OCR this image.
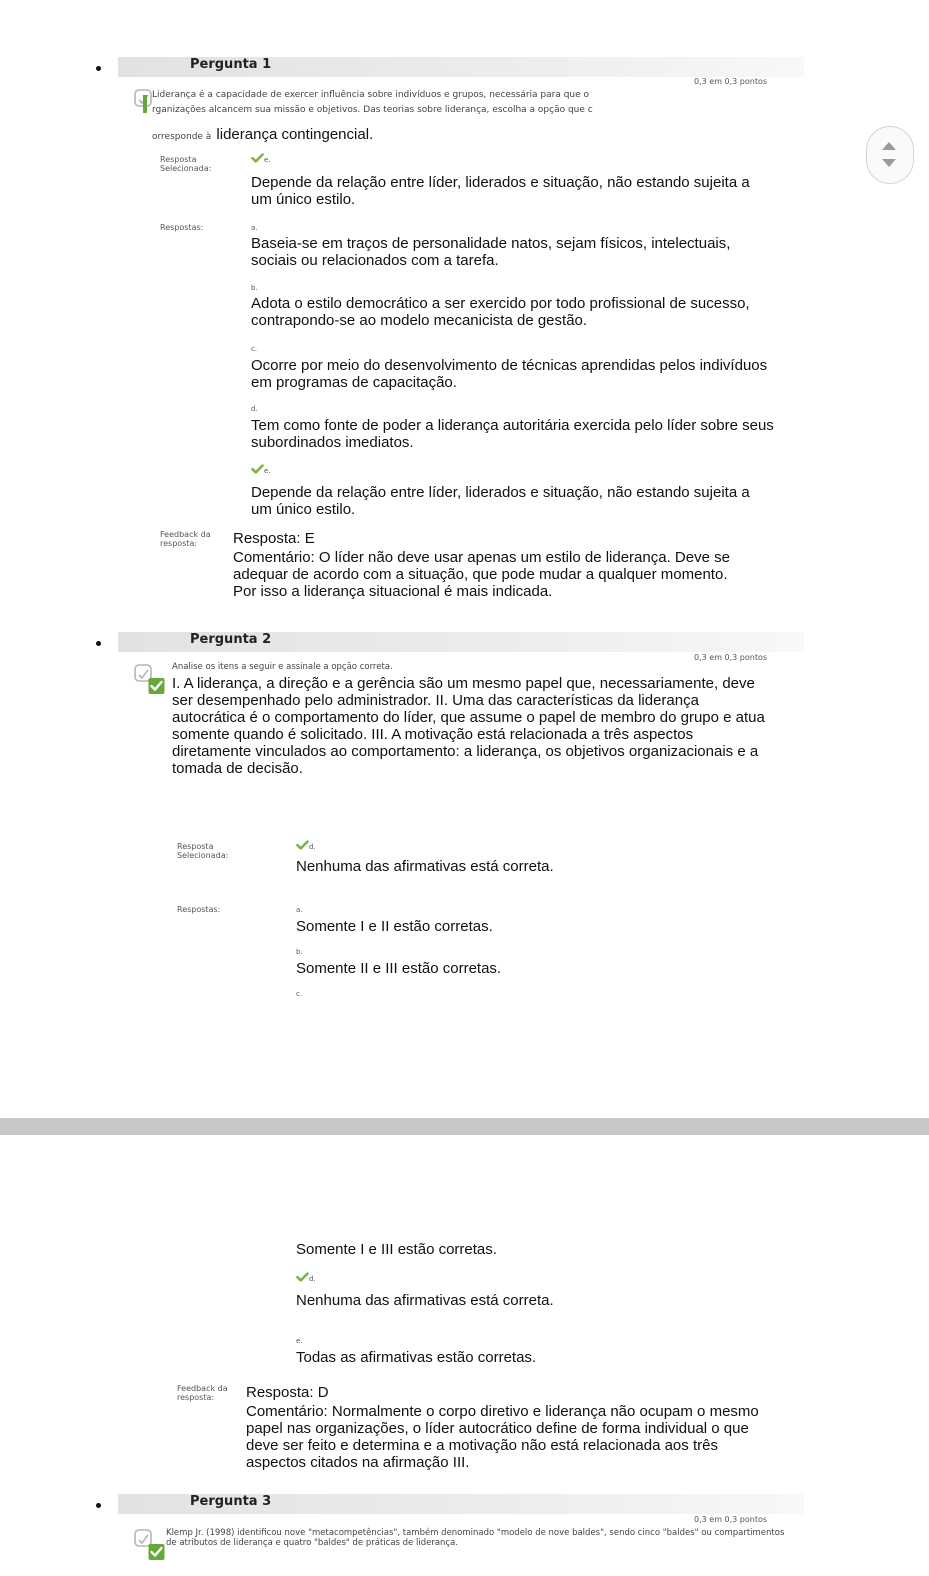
Pergunta 1
0,3 em 0,3 pontos
Liderança é a capacidade de exercer influência sobre indivíduos e grupos, necessária para que o
rganizações alcancem sua missão e objetivos. Das teorias sobre liderança, escolha a opção que c
orresponde à liderança contingencial.
Resposta Selecionada:
e.
Depende da relação entre líder, liderados e situação, não estando sujeita a um único estilo.
Respostas:	a.
Baseia-se em traços de personalidade natos, sejam físicos, intelectuais, sociais ou relacionados com a tarefa.
b.
Adota o estilo democrático a ser exercido por todo profissional de sucesso, contrapondo-se ao modelo mecanicista de gestão.
c.
Ocorre por meio do desenvolvimento de técnicas aprendidas pelos indivíduos em programas de capacitação.
d.
Tem como fonte de poder a liderança autoritária exercida pelo líder sobre seus subordinados imediatos.
e.
Depende da relação entre líder, liderados e situação, não estando sujeita a um único estilo.
Feedback da resposta:	Resposta: E
Comentário: O líder não deve usar apenas um estilo de liderança. Deve se adequar de acordo com a situação, que pode mudar a qualquer momento. Por isso a liderança situacional é mais indicada.
Pergunta 2
0,3 em 0,3 pontos
Analise os itens a seguir e assinale a opção correta.
I. A liderança, a direção e a gerência são um mesmo papel que, necessariamente, deve ser desempenhado pelo administrador. II. Uma das características da liderança autocrática é o comportamento do líder, que assume o papel de membro do grupo e atua somente quando é solicitado. III. A motivação está relacionada a três aspectos diretamente vinculados ao comportamento: a liderança, os objetivos organizacionais e a tomada de decisão.
Resposta Selecionada:
d.
Nenhuma das afirmativas está correta.
Respostas:	a.
Somente I e II estão corretas.
b.
Somente II e III estão corretas.
c.
Somente I e III estão corretas.
d.
Nenhuma das afirmativas está correta.
e.
Todas as afirmativas estão corretas.
Feedback da resposta:	Resposta: D
Comentário: Normalmente o corpo diretivo e liderança não ocupam o mesmo papel nas organizações, o líder autocrático define de forma individual o que deve ser feito e determina e a motivação não está relacionada aos três aspectos citados na afirmação III.
Pergunta 3
0,3 em 0,3 pontos
Klemp Jr. (1998) identificou nove "metacompetências", também denominado "modelo de nove baldes", sendo cinco "baldes" ou compartimentos de atributos de liderança e quatro "baldes" de práticas de liderança.
